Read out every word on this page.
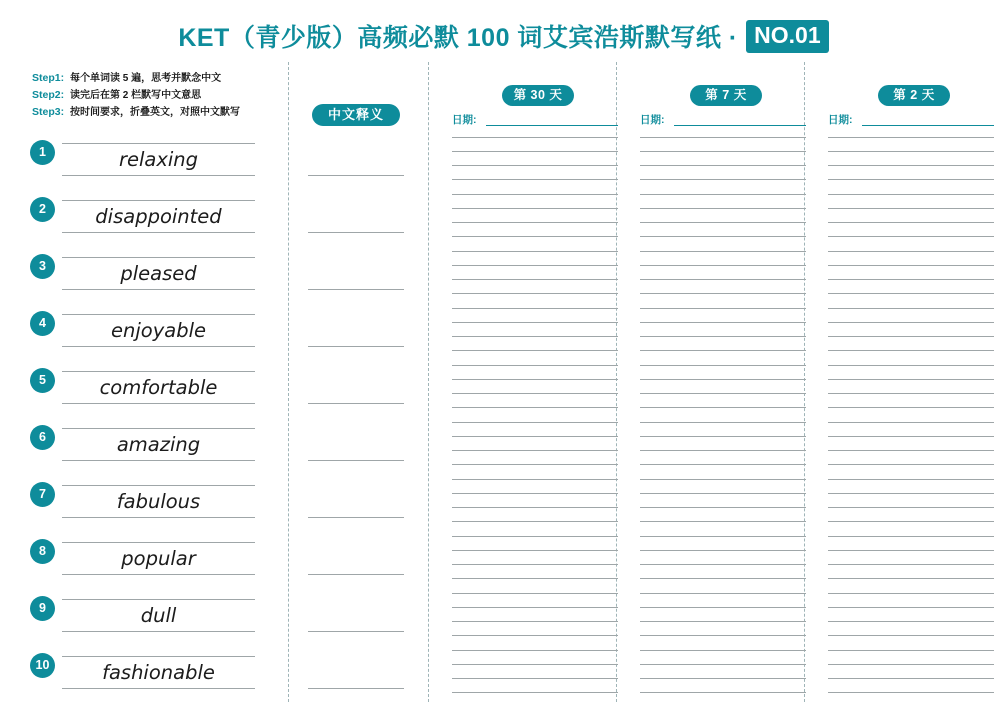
KET（青少版）高频必默 100 词艾宾浩斯默写纸 · NO.01
Step1: 每个单词读 5 遍，思考并默念中文
Step2: 读完后在第 2 栏默写中文意思
Step3: 按时间要求，折叠英文，对照中文默写
1	relaxing
2	disappointed
3	pleased
4	enjoyable
5	comfortable
6	amazing
7	fabulous
8	popular
9	dull
10	fashionable
中文释义
第 30 天
日期:
第 7 天
日期:
第 2 天
日期:
